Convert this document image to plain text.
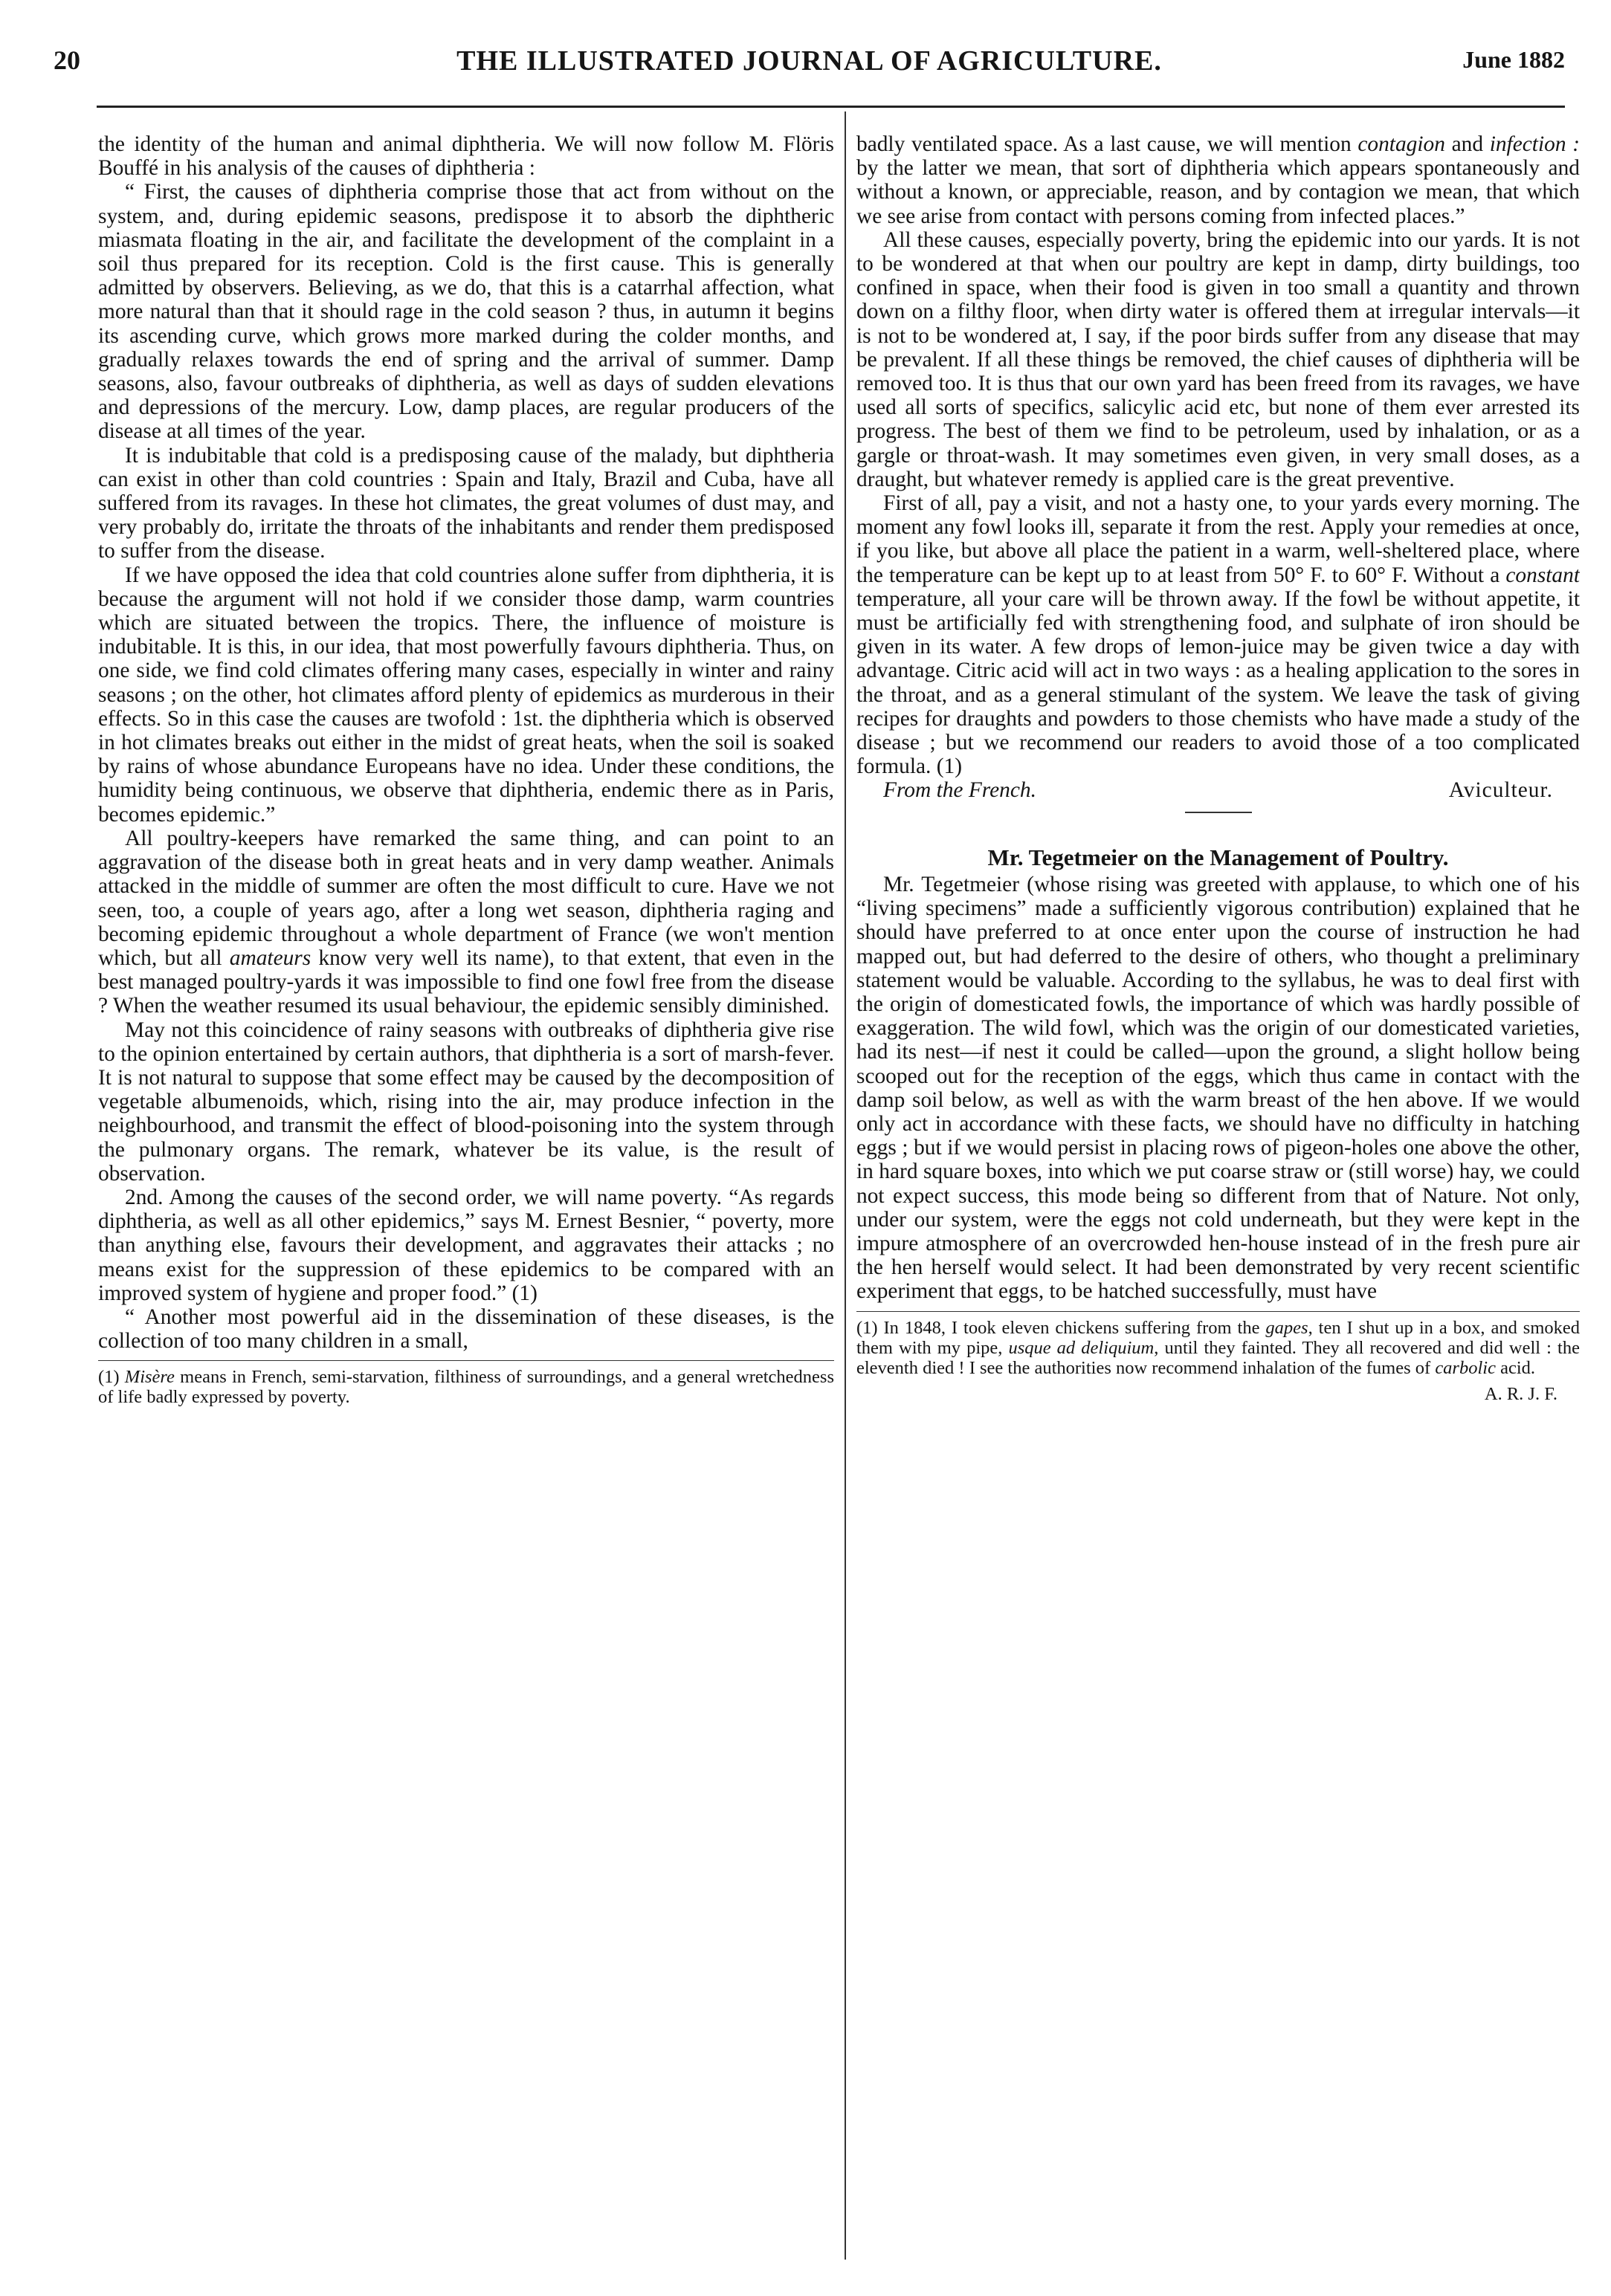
20	THE ILLUSTRATED JOURNAL OF AGRICULTURE.	June 1882

the identity of the human and animal diphtheria. We will now follow M. Flöris Bouffé in his analysis of the causes of diphtheria :

“ First, the causes of diphtheria comprise those that act from without on the system, and, during epidemic seasons, predispose it to absorb the diphtheric miasmata floating in the air, and facilitate the development of the complaint in a soil thus prepared for its reception. Cold is the first cause. This is generally admitted by observers. Believing, as we do, that this is a catarrhal affection, what more natural than that it should rage in the cold season ? thus, in autumn it begins its ascending curve, which grows more marked during the colder months, and gradually relaxes towards the end of spring and the arrival of summer. Damp seasons, also, favour outbreaks of diphtheria, as well as days of sudden elevations and depressions of the mercury. Low, damp places, are regular producers of the disease at all times of the year.

It is indubitable that cold is a predisposing cause of the malady, but diphtheria can exist in other than cold countries : Spain and Italy, Brazil and Cuba, have all suffered from its ravages. In these hot climates, the great volumes of dust may, and very probably do, irritate the throats of the inhabitants and render them predisposed to suffer from the disease.

If we have opposed the idea that cold countries alone suffer from diphtheria, it is because the argument will not hold if we consider those damp, warm countries which are situated between the tropics. There, the influence of moisture is indubitable. It is this, in our idea, that most powerfully favours diphtheria. Thus, on one side, we find cold climates offering many cases, especially in winter and rainy seasons ; on the other, hot climates afford plenty of epidemics as murderous in their effects. So in this case the causes are twofold : 1st. the diphtheria which is observed in hot climates breaks out either in the midst of great heats, when the soil is soaked by rains of whose abundance Europeans have no idea. Under these conditions, the humidity being continuous, we observe that diphtheria, endemic there as in Paris, becomes epidemic.”

All poultry-keepers have remarked the same thing, and can point to an aggravation of the disease both in great heats and in very damp weather. Animals attacked in the middle of summer are often the most difficult to cure. Have we not seen, too, a couple of years ago, after a long wet season, diphtheria raging and becoming epidemic throughout a whole department of France (we won't mention which, but all amateurs know very well its name), to that extent, that even in the best managed poultry-yards it was impossible to find one fowl free from the disease ? When the weather resumed its usual behaviour, the epidemic sensibly diminished.

May not this coincidence of rainy seasons with outbreaks of diphtheria give rise to the opinion entertained by certain authors, that diphtheria is a sort of marsh-fever. It is not natural to suppose that some effect may be caused by the decomposition of vegetable albumenoids, which, rising into the air, may produce infection in the neighbourhood, and transmit the effect of blood-poisoning into the system through the pulmonary organs. The remark, whatever be its value, is the result of observation.

2nd. Among the causes of the second order, we will name poverty. “As regards diphtheria, as well as all other epidemics,” says M. Ernest Besnier, “ poverty, more than anything else, favours their development, and aggravates their attacks ; no means exist for the suppression of these epidemics to be compared with an improved system of hygiene and proper food.” (1)

“ Another most powerful aid in the dissemination of these diseases, is the collection of too many children in a small,

(1) Misère means in French, semi-starvation, filthiness of surroundings, and a general wretchedness of life badly expressed by poverty.

badly ventilated space. As a last cause, we will mention contagion and infection : by the latter we mean, that sort of diphtheria which appears spontaneously and without a known, or appreciable, reason, and by contagion we mean, that which we see arise from contact with persons coming from infected places.”

All these causes, especially poverty, bring the epidemic into our yards. It is not to be wondered at that when our poultry are kept in damp, dirty buildings, too confined in space, when their food is given in too small a quantity and thrown down on a filthy floor, when dirty water is offered them at irregular intervals—it is not to be wondered at, I say, if the poor birds suffer from any disease that may be prevalent. If all these things be removed, the chief causes of diphtheria will be removed too. It is thus that our own yard has been freed from its ravages, we have used all sorts of specifics, salicylic acid etc, but none of them ever arrested its progress. The best of them we find to be petroleum, used by inhalation, or as a gargle or throat-wash. It may sometimes even given, in very small doses, as a draught, but whatever remedy is applied care is the great preventive.

First of all, pay a visit, and not a hasty one, to your yards every morning. The moment any fowl looks ill, separate it from the rest. Apply your remedies at once, if you like, but above all place the patient in a warm, well-sheltered place, where the temperature can be kept up to at least from 50° F. to 60° F. Without a constant temperature, all your care will be thrown away. If the fowl be without appetite, it must be artificially fed with strengthening food, and sulphate of iron should be given in its water. A few drops of lemon-juice may be given twice a day with advantage. Citric acid will act in two ways : as a healing application to the sores in the throat, and as a general stimulant of the system. We leave the task of giving recipes for draughts and powders to those chemists who have made a study of the disease ; but we recommend our readers to avoid those of a too complicated formula. (1)

From the French.	Aviculteur.
Mr. Tegetmeier on the Management of Poultry.

Mr. Tegetmeier (whose rising was greeted with applause, to which one of his “living specimens” made a sufficiently vigorous contribution) explained that he should have preferred to at once enter upon the course of instruction he had mapped out, but had deferred to the desire of others, who thought a preliminary statement would be valuable. According to the syllabus, he was to deal first with the origin of domesticated fowls, the importance of which was hardly possible of exaggeration. The wild fowl, which was the origin of our domesticated varieties, had its nest—if nest it could be called—upon the ground, a slight hollow being scooped out for the reception of the eggs, which thus came in contact with the damp soil below, as well as with the warm breast of the hen above. If we would only act in accordance with these facts, we should have no difficulty in hatching eggs ; but if we would persist in placing rows of pigeon-holes one above the other, in hard square boxes, into which we put coarse straw or (still worse) hay, we could not expect success, this mode being so different from that of Nature. Not only, under our system, were the eggs not cold underneath, but they were kept in the impure atmosphere of an overcrowded hen-house instead of in the fresh pure air the hen herself would select. It had been demonstrated by very recent scientific experiment that eggs, to be hatched successfully, must have

(1) In 1848, I took eleven chickens suffering from the gapes, ten I shut up in a box, and smoked them with my pipe, usque ad deliquium, until they fainted. They all recovered and did well : the eleventh died ! I see the authorities now recommend inhalation of the fumes of carbolic acid.
A. R. J. F.
